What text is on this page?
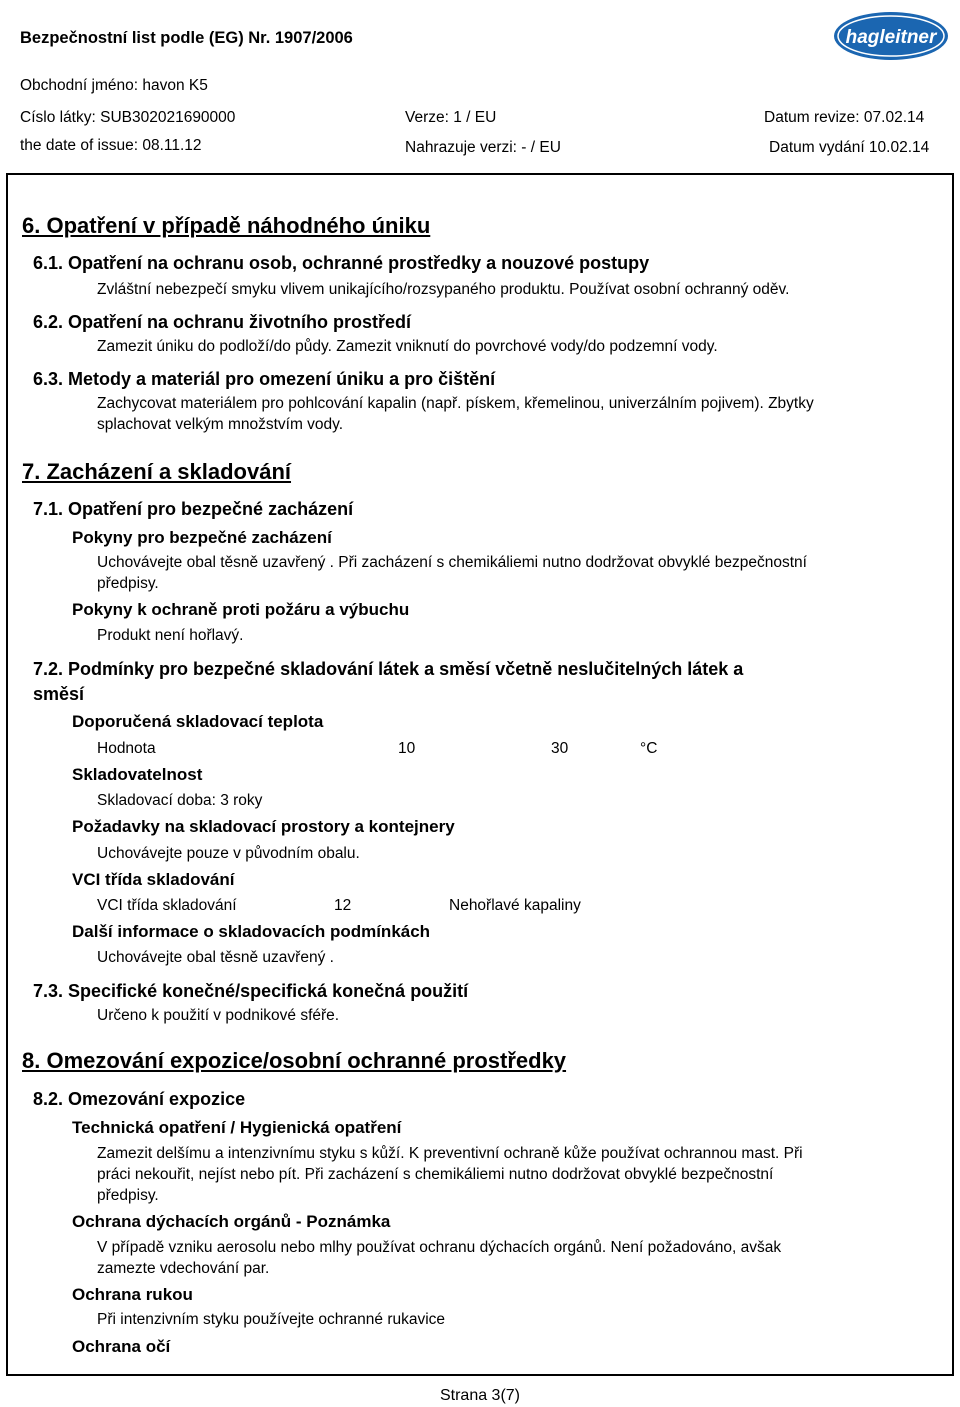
Bezpečnostní list podle (EG) Nr. 1907/2006	hagleitner
Obchodní jméno: havon K5
Císlo látky: SUB302021690000
the date of issue: 08.11.12
Verze: 1 / EU
Nahrazuje verzi: - / EU
Datum revize: 07.02.14
Datum vydání 10.02.14
6. Opatření v případě náhodného úniku
6.1. Opatření na ochranu osob, ochranné prostředky a nouzové postupy
Zvláštní nebezpečí smyku vlivem unikajícího/rozsypaného produktu. Používat osobní ochranný oděv.
6.2. Opatření na ochranu životního prostředí
Zamezit úniku do podloží/do půdy. Zamezit vniknutí do povrchové vody/do podzemní vody.
6.3. Metody a materiál pro omezení úniku a pro čištění
Zachycovat materiálem pro pohlcování kapalin (např. pískem, křemelinou, univerzálním pojivem). Zbytky
splachovat velkým množstvím vody.
7. Zacházení a skladování
7.1. Opatření pro bezpečné zacházení
Pokyny pro bezpečné zacházení
Uchovávejte obal těsně uzavřený . Při zacházení s chemikáliemi nutno dodržovat obvyklé bezpečnostní
předpisy.
Pokyny k ochraně proti požáru a výbuchu
Produkt není hořlavý.
7.2. Podmínky pro bezpečné skladování látek a směsí včetně neslučitelných látek a
směsí
Doporučená skladovací teplota
Hodnota	10	30	°C
Skladovatelnost
Skladovací doba: 3 roky
Požadavky na skladovací prostory a kontejnery
Uchovávejte pouze v původním obalu.
VCI třída skladování
VCI třída skladování	12	Nehořlavé kapaliny
Další informace o skladovacích podmínkách
Uchovávejte obal těsně uzavřený .
7.3. Specifické konečné/specifická konečná použití
Určeno k použití v podnikové sféře.
8. Omezování expozice/osobní ochranné prostředky
8.2. Omezování expozice
Technická opatření / Hygienická opatření
Zamezit delšímu a intenzivnímu styku s kůží. K preventivní ochraně kůže používat ochrannou mast. Při
práci nekouřit, nejíst nebo pít. Při zacházení s chemikáliemi nutno dodržovat obvyklé bezpečnostní
předpisy.
Ochrana dýchacích orgánů - Poznámka
V případě vzniku aerosolu nebo mlhy používat ochranu dýchacích orgánů. Není požadováno, avšak
zamezte vdechování par.
Ochrana rukou
Při intenzivním styku používejte ochranné rukavice
Ochrana očí
Strana 3(7)
